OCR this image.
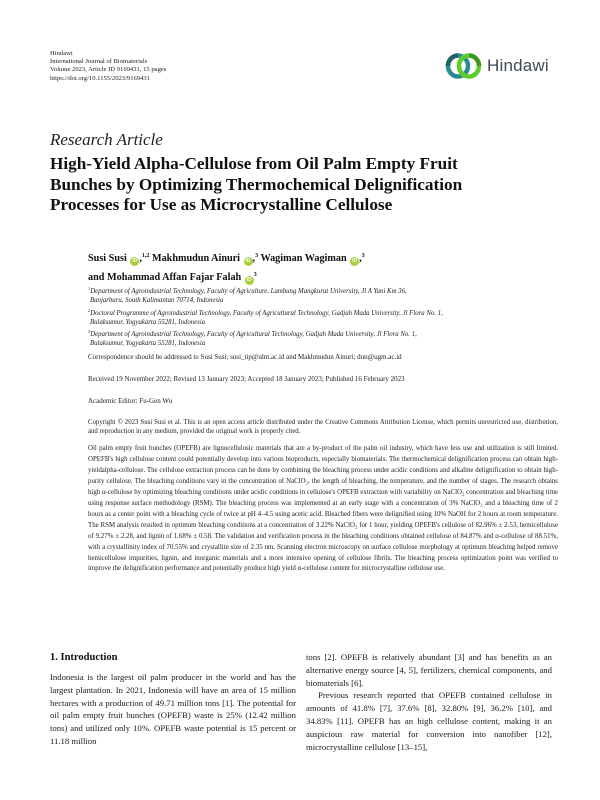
Hindawi
International Journal of Biomaterials
Volume 2023, Article ID 9169431, 15 pages
https://doi.org/10.1155/2023/9169431
Hindawi
Research Article
High-Yield Alpha-Cellulose from Oil Palm Empty Fruit
Bunches by Optimizing Thermochemical Delignification
Processes for Use as Microcrystalline Cellulose
Susi Susi iD ,$^{1,2}$ Makhmudun Ainuri iD ,$^3$ Wagiman Wagiman iD ,$^3$
and Mohammad Affan Fajar Falah $iD^3$
$^1$Department of Agroindustrial Technology, Faculty of Agriculture, Lambung Mangkurat University, Jl A Yani Km 36,
Banjarbaru, South Kalimantan 70714, Indonesia
$^2$Doctoral Programme of Agroindustrial Technology, Faculty of Agricultural Technology, Gadjah Mada University, Jl Flora No. 1,
Bulaksumur, Yogyakarta 55281, Indonesia
$^3$Department of Agroindustrial Technology, Faculty of Agricultural Technology, Gadjah Mada University, Jl Flora No. 1,
Bulaksumur, Yogyakarta 55281, Indonesia
Correspondence should be addressed to Susi Susi; susi_tip@ulm.ac.id and Makhmudun Ainuri; dun@ugm.ac.id
Received 19 November 2022; Revised 13 January 2023; Accepted 18 January 2023; Published 16 February 2023
Academic Editor: Fu-Gen Wu
Copyright © 2023 Susi Susi et al. This is an open access article distributed under the Creative Commons Attribution License, which permits unrestricted use, distribution, and reproduction in any medium, provided the original work is properly cited.
Oil palm empty fruit bunches (OPEFB) are lignocellulosic materials that are a by-product of the palm oil industry, which have less use and utilization is still limited. OPEFB's high cellulose content could potentially develop into various bioproducts, especially biomaterials. The thermochemical delignification process can obtain high-yieldalpha-cellulose. The cellulose extraction process can be done by combining the bleaching process under acidic conditions and alkaline delignification to obtain high-purity cellulose. The bleaching conditions vary in the concentration of NaClO₂, the length of bleaching, the temperature, and the number of stages. The research obtains high α-cellulose by optimizing bleaching conditions under acidic conditions in cellulose's OPEFB extraction with variability on NaClO₂ concentration and bleaching time using response surface methodology (RSM). The bleaching process was implemented at an early stage with a concentration of 3% NaClO₂ and a bleaching time of 2 hours as a center point with a bleaching cycle of twice at pH 4–4.5 using acetic acid. Bleached fibers were delignified using 10% NaOH for 2 hours at room temperature. The RSM analysis resulted in optimum bleaching conditions at a concentration of 3.22% NaClO₂ for 1 hour, yielding OPEFB's cellulose of 82.96% ± 2.53, hemicellulose of 9.27% ± 2.28, and lignin of 1.68% ± 0.58. The validation and verification process in the bleaching conditions obtained cellulose of 84.87% and α-cellulose of 88.51%, with a crystallinity index of 70.55% and crystallite size of 2.35 nm. Scanning electron microscopy on surface cellulose morphology at optimum bleaching helped remove hemicellulose impurities, lignin, and inorganic materials and a more intensive opening of cellulose fibrils. The bleaching process optimization point was verified to improve the delignification performance and potentially produce high yield α-cellulose content for microcrystalline cellulose use.
1. Introduction

Indonesia is the largest oil palm producer in the world and has the largest plantation. In 2021, Indonesia will have an area of 15 million hectares with a production of 49.71 million tons [1]. The potential for oil palm empty fruit bunches (OPEFB) waste is 25% (12.42 million tons) and utilized only 10%. OPEFB waste potential is 15 percent or 11.18 million

tons [2]. OPEFB is relatively abundant [3] and has benefits as an alternative energy source [4, 5], fertilizers, chemical components, and biomaterials [6].

Previous research reported that OPEFB contained cellulose in amounts of 41.8% [7], 37.6% [8], 32.80% [9], 36.2% [10], and 34.83% [11]. OPEFB has an high cellulose content, making it an auspicious raw material for conversion into nanofiber [12], microcrystalline cellulose [13–15],
